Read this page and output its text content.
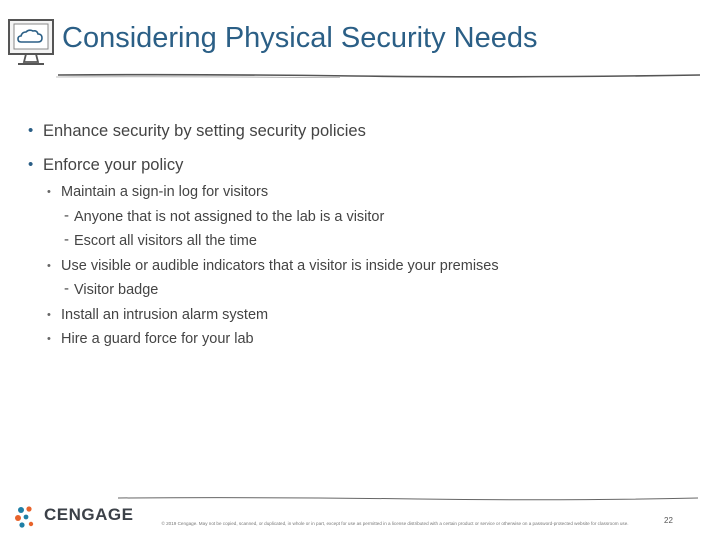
Considering Physical Security Needs
• Enhance security by setting security policies
• Enforce your policy
• Maintain a sign-in log for visitors
- Anyone that is not assigned to the lab is a visitor
- Escort all visitors all the time
• Use visible or audible indicators that a visitor is inside your premises
- Visitor badge
• Install an intrusion alarm system
• Hire a guard force for your lab
CENGAGE	© 2019 Cengage. May not be copied, scanned, or duplicated, in whole or in part, except for use as permitted in a license distributed with a certain product or service or otherwise on a password-protected website for classroom use.	22
